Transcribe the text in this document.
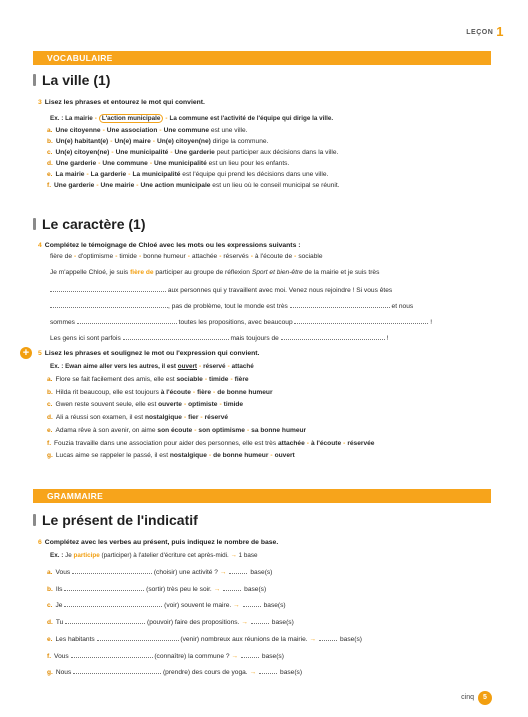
LEÇON 1
VOCABULAIRE
La ville (1)
3 Lisez les phrases et entourez le mot qui convient.
Ex. : La mairie - L'action municipale - La commune est l'activité de l'équipe qui dirige la ville.
a. Une citoyenne - Une association - Une commune est une ville.
b. Un(e) habitant(e) - Un(e) maire - Un(e) citoyen(ne) dirige la commune.
c. Un(e) citoyen(ne) - Une municipalité - Une garderie peut participer aux décisions dans la ville.
d. Une garderie - Une commune - Une municipalité est un lieu pour les enfants.
e. La mairie - La garderie - La municipalité est l'équipe qui prend les décisions dans une ville.
f. Une garderie - Une mairie - Une action municipale est un lieu où le conseil municipal se réunit.
Le caractère (1)
4 Complétez le témoignage de Chloé avec les mots ou les expressions suivants :
fière de - d'optimisme - timide - bonne humeur - attachée - réservés - à l'écoute de - sociable
Je m'appelle Chloé, je suis fière de participer au groupe de réflexion Sport et bien-être de la mairie et je suis très
aux personnes qui y travaillent avec moi. Venez nous rejoindre ! Si vous êtes
, pas de problème, tout le monde est très	et nous
sommes	toutes les propositions, avec beaucoup	!
Les gens ici sont parfois	mais toujours de	!
+	5 Lisez les phrases et soulignez le mot ou l'expression qui convient.
Ex. : Ewan aime aller vers les autres, il est ouvert - réservé - attaché
a. Flore se fait facilement des amis, elle est sociable - timide - fière
b. Hilda rit beaucoup, elle est toujours à l'écoute - fière - de bonne humeur
c. Gwen reste souvent seule, elle est ouverte - optimiste - timide
d. Ali a réussi son examen, il est nostalgique - fier - réservé
e. Adama rêve à son avenir, on aime son écoute - son optimisme - sa bonne humeur
f. Fouzia travaille dans une association pour aider des personnes, elle est très attachée - à l'écoute - réservée
g. Lucas aime se rappeler le passé, il est nostalgique - de bonne humeur - ouvert
GRAMMAIRE
Le présent de l'indicatif
6 Complétez avec les verbes au présent, puis indiquez le nombre de base.
Ex. : Je participe (participer) à l'atelier d'écriture cet après-midi. → 1 base
a. Vous	(choisir) une activité ? →	base(s)
b. Ils	(sortir) très peu le soir. →	base(s)
c. Je	(voir) souvent le maire. →	base(s)
d. Tu	(pouvoir) faire des propositions. →	base(s)
e. Les habitants	(venir) nombreux aux réunions de la mairie. →	base(s)
f. Vous	(connaître) la commune ? →	base(s)
g. Nous	(prendre) des cours de yoga. →	base(s)
cinq 5
